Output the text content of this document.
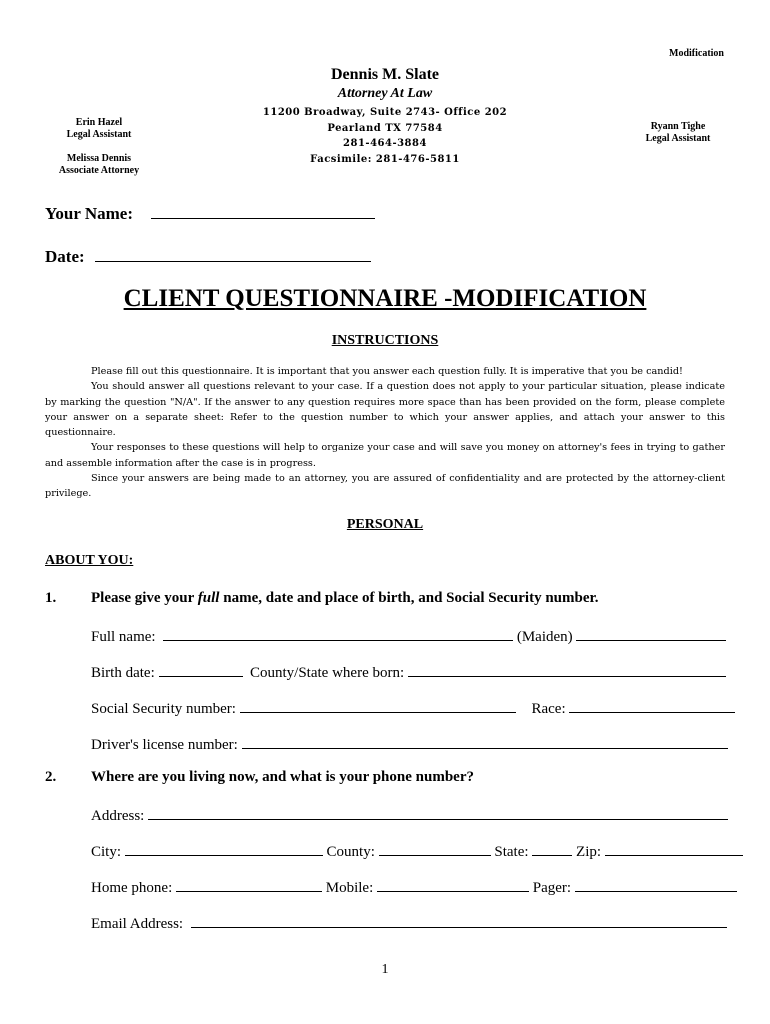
Modification
Dennis M. Slate
Attorney At Law
11200 Broadway, Suite 2743- Office 202
Pearland TX 77584
281-464-3884
Facsimile: 281-476-5811
Erin Hazel
Legal Assistant
Melissa Dennis
Associate Attorney
Ryann Tighe
Legal Assistant
Your Name:
Date:
CLIENT QUESTIONNAIRE -MODIFICATION
INSTRUCTIONS

Please fill out this questionnaire. It is important that you answer each question fully. It is imperative that you be candid!

You should answer all questions relevant to your case. If a question does not apply to your particular situation, please indicate by marking the question "N/A". If the answer to any question requires more space than has been provided on the form, please complete your answer on a separate sheet: Refer to the question number to which your answer applies, and attach your answer to this questionnaire.

Your responses to these questions will help to organize your case and will save you money on attorney's fees in trying to gather and assemble information after the case is in progress.

Since your answers are being made to an attorney, you are assured of confidentiality and are protected by the attorney-client privilege.

PERSONAL
ABOUT YOU:
1. Please give your full name, date and place of birth, and Social Security number.
Full name:	(Maiden)
Birth date:	County/State where born:
Social Security number:	Race:
Driver's license number:
2. Where are you living now, and what is your phone number?
Address:
City:	County:	State:	Zip:
Home phone:	Mobile:	Pager:
Email Address:
1
